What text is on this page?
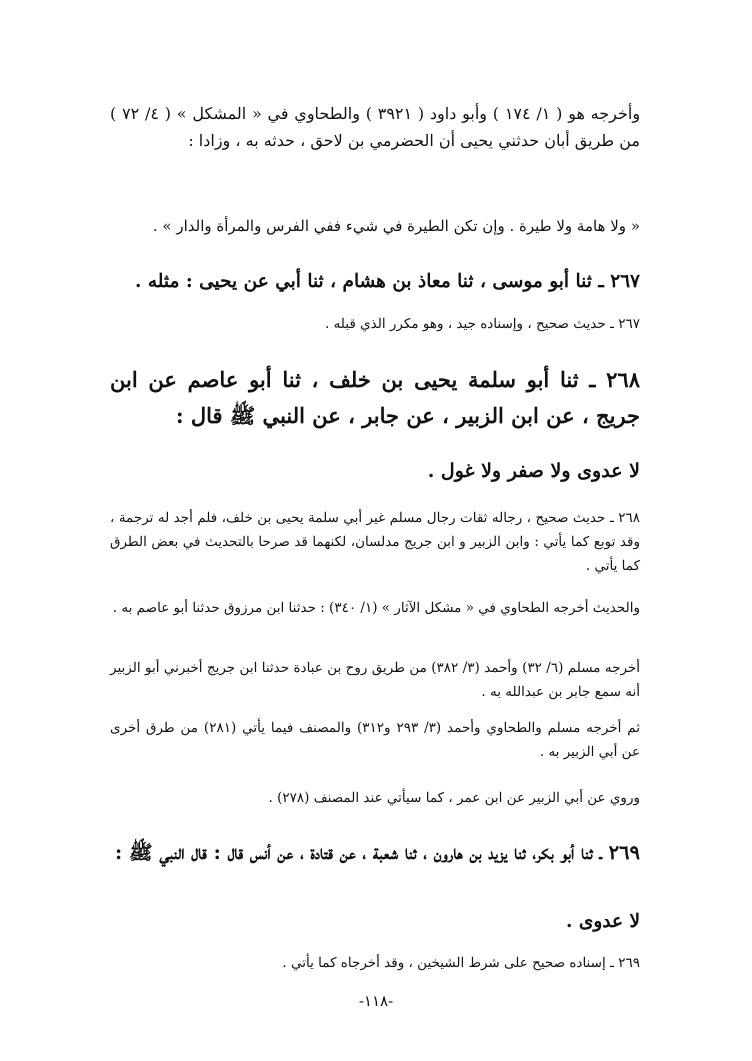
وأخرجه هو ( ١/ ١٧٤ ) وأبو داود ( ٣٩٢١ ) والطحاوي في « المشكل » ( ٤/ ٧٢ ) من طريق أبان حدثني يحيى أن الحضرمي بن لاحق ، حدثه به ، وزادا :

« ولا هامة ولا طيرة . وإن تكن الطيرة في شيء ففي الفرس والمرأة والدار » .

٢٦٧ ـ ثنا أبو موسى ، ثنا معاذ بن هشام ، ثنا أبي عن يحيى : مثله .

٢٦٧ ـ حديث صحيح ، وإسناده جيد ، وهو مكرر الذي قبله .

٢٦٨ ـ ثنا أبو سلمة يحيى بن خلف ، ثنا أبو عاصم عن ابن جريج ، عن ابن الزبير ، عن جابر ، عن النبي ﷺ قال :

لا عدوى ولا صفر ولا غول .

٢٦٨ ـ حديث صحيح ، رجاله ثقات رجال مسلم غير أبي سلمة يحيى بن خلف، فلم أجد له ترجمة ، وقد توبع كما يأتي : وابن الزبير و ابن جريج مدلسان، لكنهما قد صرحا بالتحديث في بعض الطرق كما يأتي .

والحديث أخرجه الطحاوي في « مشكل الآثار » (١/ ٣٤٠) : حدثنا ابن مرزوق حدثنا أبو عاصم به .

أخرجه مسلم (٦/ ٣٢) وأحمد (٣/ ٣٨٢) من طريق روح بن عبادة حدثنا ابن جريج أخبرني أبو الزبير أنه سمع جابر بن عبدالله به .

ثم أخرجه مسلم والطحاوي وأحمد (٣/ ٢٩٣ و٣١٢) والمصنف فيما يأتي (٢٨١) من طرق أخرى عن أبي الزبير به .

وروي عن أبي الزبير عن ابن عمر ، كما سيأتي عند المصنف (٢٧٨) .

٢٦٩ ـ ثنا أبو بكر، ثنا يزيد بن هارون ، ثنا شعبة ، عن قتادة ، عن أنس قال : قال النبي ﷺ :

لا عدوى .

٢٦٩ ـ إسناده صحيح على شرط الشيخين ، وقد أخرجاه كما يأتي .

-١١٨-
